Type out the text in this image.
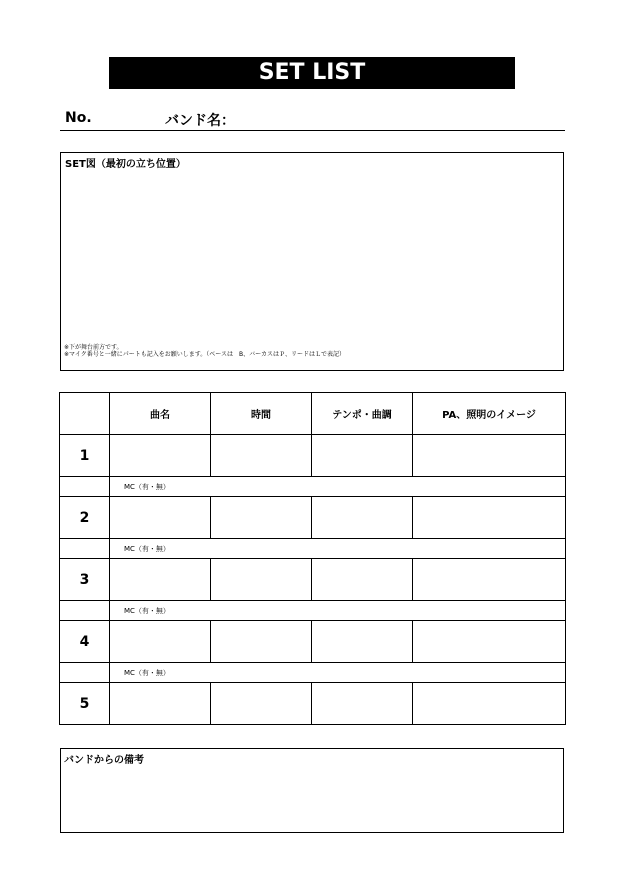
SET LIST
No.	バンド名：
SET図（最初の立ち位置）
※下が舞台前方です。
※マイク番号と一緒にパートも記入をお願いします。（ベースは　B、バーカスはＰ、リードはＬで表記）
	曲名	時間	テンポ・曲調	PA、照明のイメージ
1				
	MC（有・無）			
2				
	MC（有・無）			
3				
	MC（有・無）			
4				
	MC（有・無）			
5				
バンドからの備考
